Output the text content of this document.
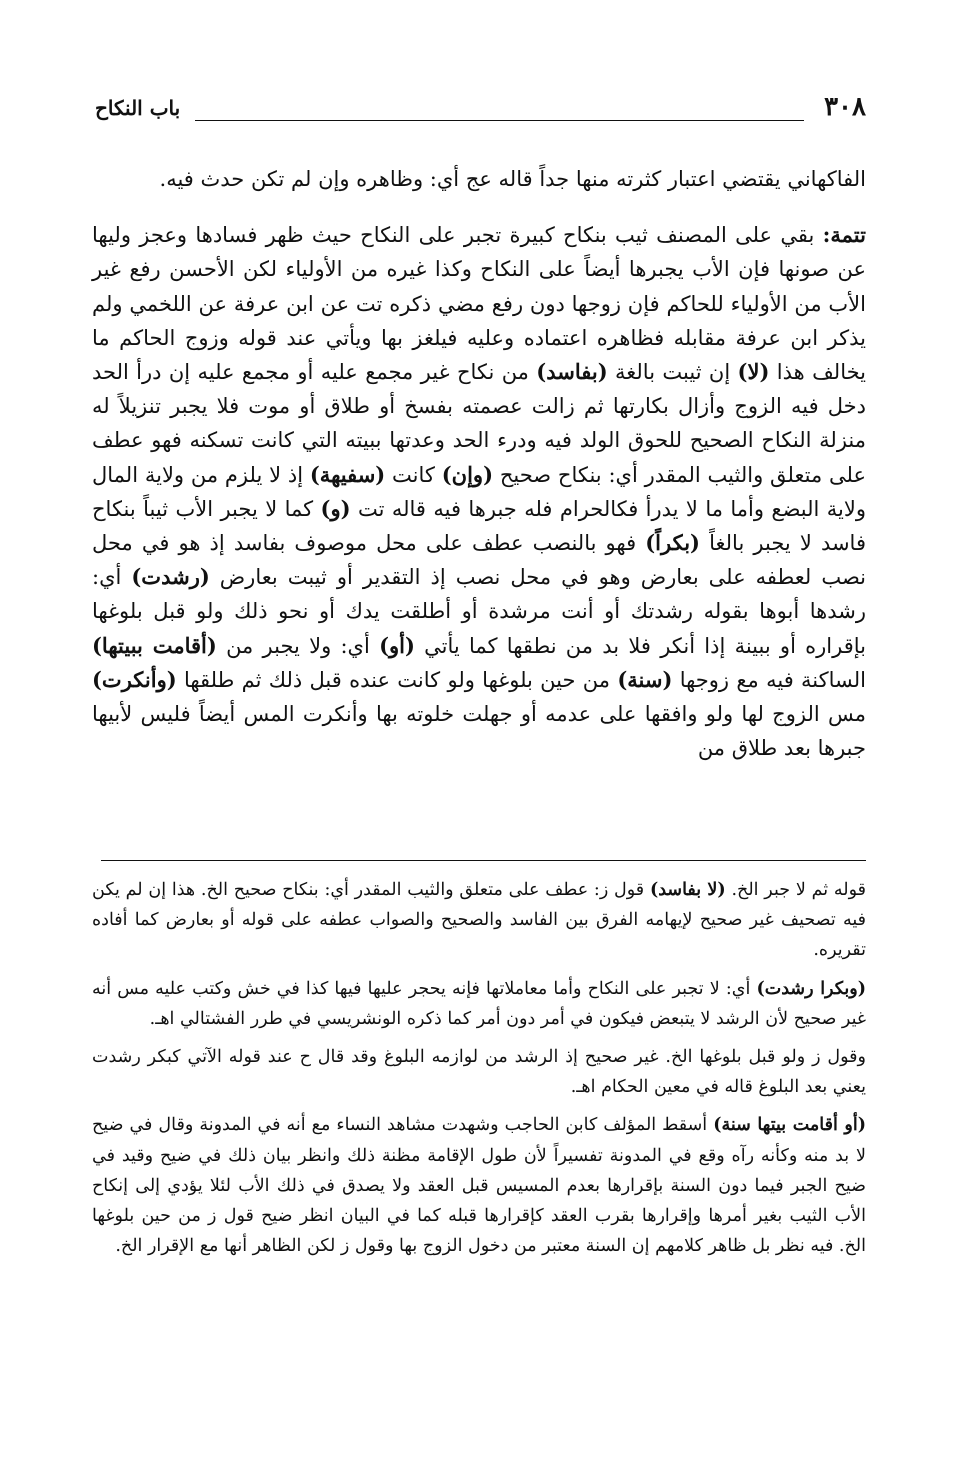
٣٠٨
باب النكاح

الفاكهاني يقتضي اعتبار كثرته منها جداً قاله عج أي: وظاهره وإن لم تكن حدث فيه.

تتمة: بقي على المصنف ثيب بنكاح كبيرة تجبر على النكاح حيث ظهر فسادها وعجز وليها عن صونها فإن الأب يجبرها أيضاً على النكاح وكذا غيره من الأولياء لكن الأحسن رفع غير الأب من الأولياء للحاكم فإن زوجها دون رفع مضي ذكره تت عن ابن عرفة عن اللخمي ولم يذكر ابن عرفة مقابله فظاهره اعتماده وعليه فيلغز بها ويأتي عند قوله وزوج الحاكم ما يخالف هذا (لا) إن ثيبت بالغة (بفاسد) من نكاح غير مجمع عليه أو مجمع عليه إن درأ الحد دخل فيه الزوج وأزال بكارتها ثم زالت عصمته بفسخ أو طلاق أو موت فلا يجبر تنزيلاً له منزلة النكاح الصحيح للحوق الولد فيه ودرء الحد وعدتها ببيته التي كانت تسكنه فهو عطف على متعلق والثيب المقدر أي: بنكاح صحيح (وإن) كانت (سفيهة) إذ لا يلزم من ولاية المال ولاية البضع وأما ما لا يدرأ فكالحرام فله جبرها فيه قاله تت (و) كما لا يجبر الأب ثيباً بنكاح فاسد لا يجبر بالغاً (بكراً) فهو بالنصب عطف على محل موصوف بفاسد إذ هو في محل نصب لعطفه على بعارض وهو في محل نصب إذ التقدير أو ثيبت بعارض (رشدت) أي: رشدها أبوها بقوله رشدتك أو أنت مرشدة أو أطلقت يدك أو نحو ذلك ولو قبل بلوغها بإقراره أو ببينة إذا أنكر فلا بد من نطقها كما يأتي (أو) أي: ولا يجبر من (أقامت ببيتها) الساكنة فيه مع زوجها (سنة) من حين بلوغها ولو كانت عنده قبل ذلك ثم طلقها (وأنكرت) مس الزوج لها ولو وافقها على عدمه أو جهلت خلوته بها وأنكرت المس أيضاً فليس لأبيها جبرها بعد طلاق من

قوله ثم لا جبر الخ. (لا بفاسد) قول ز: عطف على متعلق والثيب المقدر أي: بنكاح صحيح الخ. هذا إن لم يكن فيه تصحيف غير صحيح لإيهامه الفرق بين الفاسد والصحيح والصواب عطفه على قوله أو بعارض كما أفاده تقريره.

(وبكرا رشدت) أي: لا تجبر على النكاح وأما معاملاتها فإنه يحجر عليها فيها كذا في خش وكتب عليه مس أنه غير صحيح لأن الرشد لا يتبعض فيكون في أمر دون أمر كما ذكره الونشريسي في طرر الفشتالي اهـ.

وقول ز ولو قبل بلوغها الخ. غير صحيح إذ الرشد من لوازمه البلوغ وقد قال ح عند قوله الآتي كبكر رشدت يعني بعد البلوغ قاله في معين الحكام اهـ.

(أو أقامت بيتها سنة) أسقط المؤلف كابن الحاجب وشهدت مشاهد النساء مع أنه في المدونة وقال في ضيح لا بد منه وكأنه رآه وقع في المدونة تفسيراً لأن طول الإقامة مظنة ذلك وانظر بيان ذلك في ضيح وقيد في ضيح الجبر فيما دون السنة بإقرارها بعدم المسيس قبل العقد ولا يصدق في ذلك الأب لئلا يؤدي إلى إنكاح الأب الثيب بغير أمرها وإقرارها بقرب العقد كإقرارها قبله كما في البيان انظر ضيح قول ز من حين بلوغها الخ. فيه نظر بل ظاهر كلامهم إن السنة معتبر من دخول الزوج بها وقول ز لكن الظاهر أنها مع الإقرار الخ.
